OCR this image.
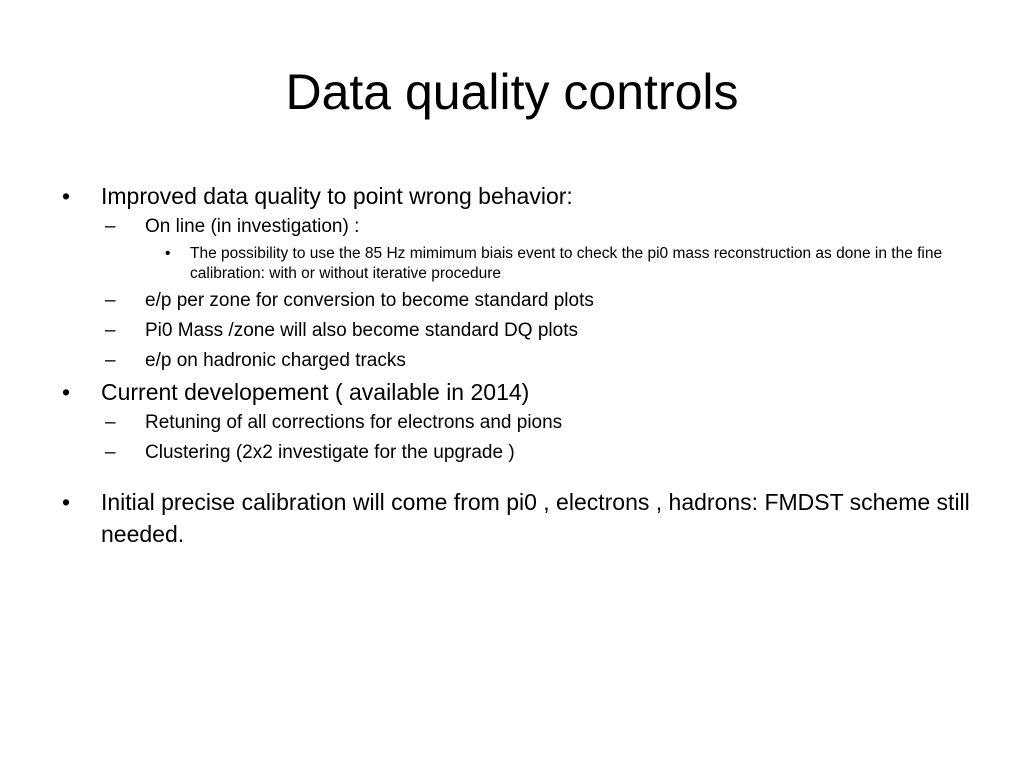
Data quality controls
• Improved data quality to point wrong behavior:
– On line (in investigation) :
• The possibility to use the 85 Hz mimimum biais event to check the pi0 mass reconstruction as done in the fine calibration: with or without iterative procedure
– e/p per zone for conversion to become standard plots
– Pi0 Mass /zone will also become standard DQ plots
– e/p on hadronic charged tracks
• Current developement ( available in 2014)
– Retuning of all corrections for electrons and pions
– Clustering (2x2 investigate for the upgrade )
• Initial precise calibration will come from pi0 , electrons , hadrons: FMDST scheme still needed.
